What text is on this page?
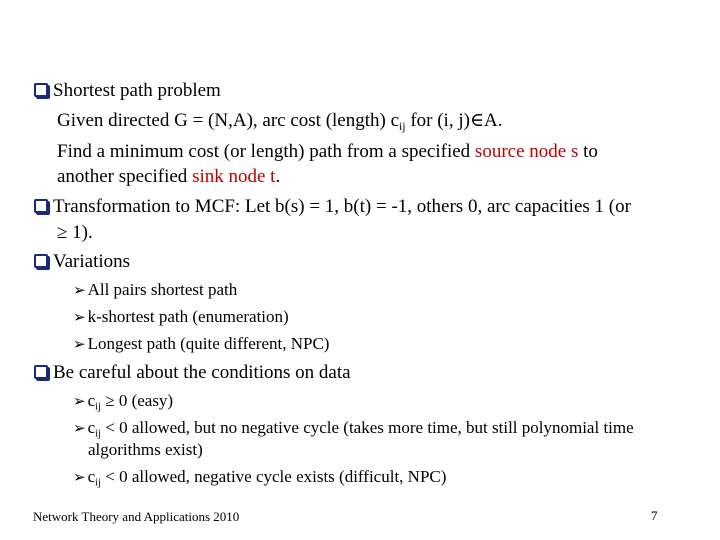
Shortest path problem
Given directed G = (N,A), arc cost (length) $c_{ij}$ for (i, j)∈A.
Find a minimum cost (or length) path from a specified source node s to
another specified sink node t.
Transformation to MCF: Let b(s) = 1, b(t) = -1, others 0, arc capacities 1 (or
≥ 1).
Variations
➢ All pairs shortest path
➢ k-shortest path (enumeration)
➢ Longest path (quite different, NPC)
Be careful about the conditions on data
➢ $c_{ij} \ge 0$ (easy)
➢ $c_{ij} < 0$ allowed, but no negative cycle (takes more time, but still polynomial time
algorithms exist)
➢ $c_{ij} < 0$ allowed, negative cycle exists (difficult, NPC)
Network Theory and Applications 2010	7
